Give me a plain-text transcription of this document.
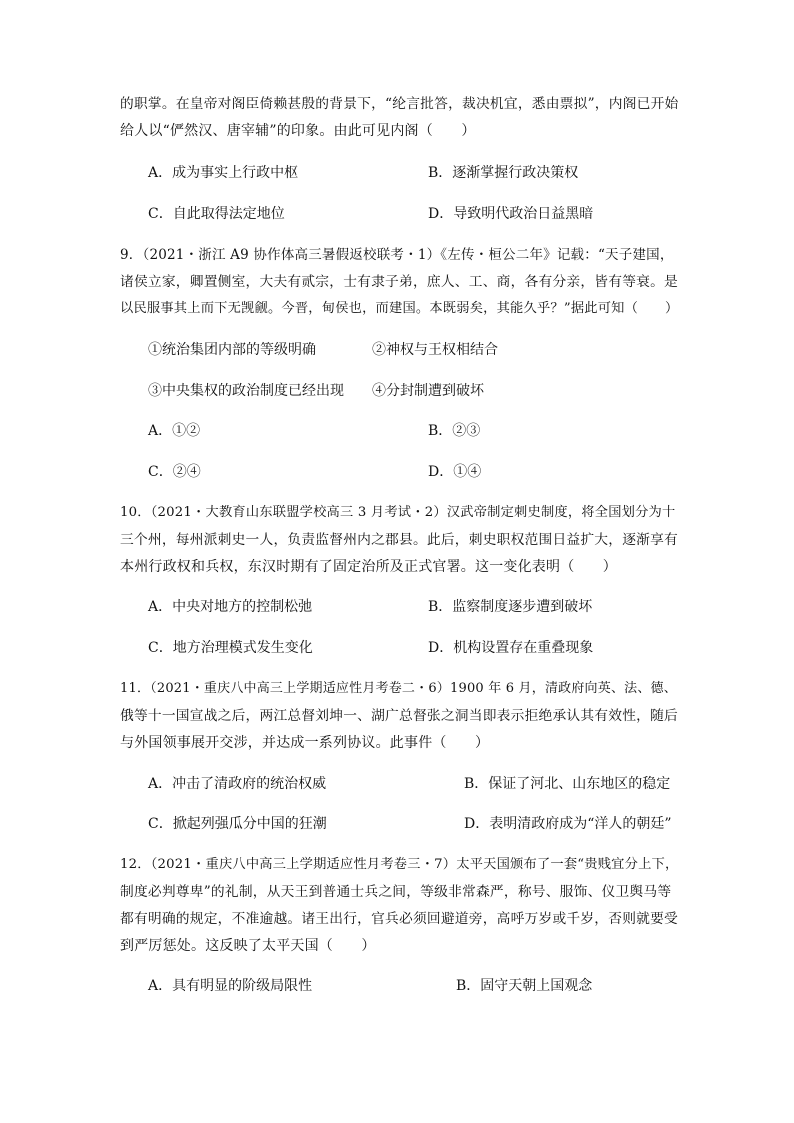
的职掌。在皇帝对阁臣倚赖甚殷的背景下，“纶言批答，裁决机宜，悉由票拟”，内阁已开始
给人以“俨然汉、唐宰辅”的印象。由此可见内阁（　　）
A．成为事实上行政中枢	B．逐渐掌握行政决策权
C．自此取得法定地位	D．导致明代政治日益黑暗
9．（2021・浙江 A9 协作体高三暑假返校联考・1）《左传・桓公二年》记载：“天子建国，
诸侯立家，卿置侧室，大夫有贰宗，士有隶子弟，庶人、工、商，各有分亲，皆有等衰。是
以民服事其上而下无觊觎。今晋，甸侯也，而建国。本既弱矣，其能久乎？”据此可知（　　）
①统治集团内部的等级明确	②神权与王权相结合
③中央集权的政治制度已经出现 ④分封制遭到破坏
A．①②	B．②③
C．②④	D．①④
10．（2021・大教育山东联盟学校高三 3 月考试・2）汉武帝制定刺史制度，将全国划分为十
三个州，每州派刺史一人，负责监督州内之郡县。此后，刺史职权范围日益扩大，逐渐享有
本州行政权和兵权，东汉时期有了固定治所及正式官署。这一变化表明（　　）
A．中央对地方的控制松弛	B．监察制度逐步遭到破坏
C．地方治理模式发生变化	D．机构设置存在重叠现象
11．（2021・重庆八中高三上学期适应性月考卷二・6）1900 年 6 月，清政府向英、法、德、
俄等十一国宣战之后，两江总督刘坤一、湖广总督张之洞当即表示拒绝承认其有效性，随后
与外国领事展开交涉，并达成一系列协议。此事件（　　）
A．冲击了清政府的统治权威	B．保证了河北、山东地区的稳定
C．掀起列强瓜分中国的狂潮	D．表明清政府成为“洋人的朝廷”
12．（2021・重庆八中高三上学期适应性月考卷三・7）太平天国颁布了一套“贵贱宜分上下，
制度必判尊卑”的礼制，从天王到普通士兵之间，等级非常森严，称号、服饰、仪卫舆马等
都有明确的规定，不准逾越。诸王出行，官兵必须回避道旁，高呼万岁或千岁，否则就要受
到严厉惩处。这反映了太平天国（　　）
A．具有明显的阶级局限性	B．固守天朝上国观念
